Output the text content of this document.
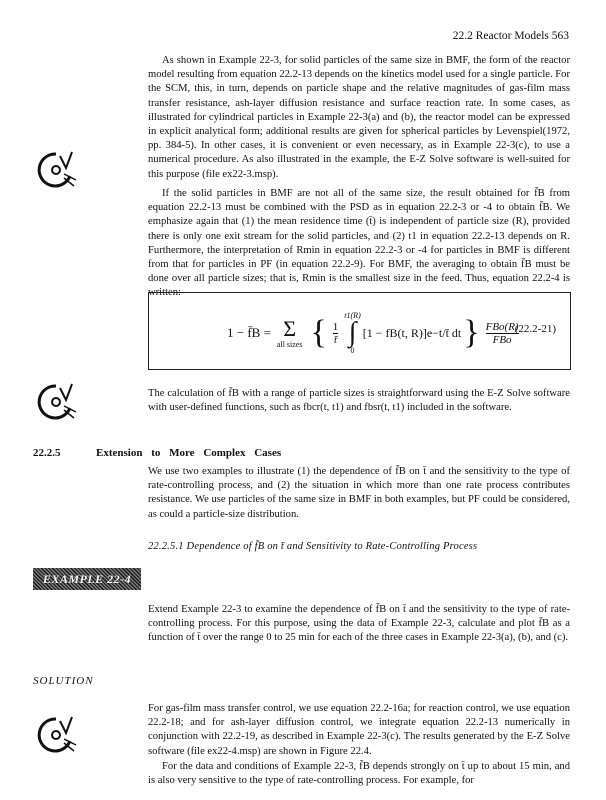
22.2 Reactor Models 563

As shown in Example 22-3, for solid particles of the same size in BMF, the form of the reactor model resulting from equation 22.2-13 depends on the kinetics model used for a single particle. For the SCM, this, in turn, depends on particle shape and the relative magnitudes of gas-film mass transfer resistance, ash-layer diffusion resistance and surface reaction rate. In some cases, as illustrated for cylindrical particles in Example 22-3(a) and (b), the reactor model can be expressed in explicit analytical form; additional results are given for spherical particles by Levenspiel(1972, pp. 384-5). In other cases, it is convenient or even necessary, as in Example 22-3(c), to use a numerical procedure. As also illustrated in the example, the E-Z Solve software is well-suited for this purpose (file ex22-3.msp).

If the solid particles in BMF are not all of the same size, the result obtained for f̄B from equation 22.2-13 must be combined with the PSD as in equation 22.2-3 or -4 to obtain f̄B. We emphasize again that (1) the mean residence time (t̄) is independent of particle size (R), provided there is only one exit stream for the solid particles, and (2) t1 in equation 22.2-13 depends on R. Furthermore, the interpretation of Rmin in equation 22.2-3 or -4 for particles in BMF is different from that for particles in PF (in equation 22.2-9). For BMF, the averaging to obtain f̄B must be done over all particle sizes; that is, Rmin is the smallest size in the feed. Thus, equation 22.2-4 is written:

1 − f̄B = Σ
all sizes { $\frac{1}{t̄}$
t1(R)
∫
0
[1 − fB(t, R)]e−t/t̄ dt } $\frac{\text{FBo(R)}}{\text{FBo}}$
(22.2-21)

The calculation of f̄B with a range of particle sizes is straightforward using the E-Z Solve software with user-defined functions, such as fbcr(t, t1) and fbsr(t, t1) included in the software.

22.2.5	Extension to More Complex Cases

We use two examples to illustrate (1) the dependence of f̄B on t̄ and the sensitivity to the type of rate-controlling process, and (2) the situation in which more than one rate process contributes resistance. We use particles of the same size in BMF in both examples, but PF could be considered, as could a particle-size distribution.

22.2.5.1 Dependence of f̄B on t̄ and Sensitivity to Rate-Controlling Process
EXAMPLE 22-4

Extend Example 22-3 to examine the dependence of f̄B on t̄ and the sensitivity to the type of rate-controlling process. For this purpose, using the data of Example 22-3, calculate and plot f̄B as a function of t̄ over the range 0 to 25 min for each of the three cases in Example 22-3(a), (b), and (c).

SOLUTION

For gas-film mass transfer control, we use equation 22.2-16a; for reaction control, we use equation 22.2-18; and for ash-layer diffusion control, we integrate equation 22.2-13 numerically in conjunction with 22.2-19, as described in Example 22-3(c). The results generated by the E-Z Solve software (file ex22-4.msp) are shown in Figure 22.4.

For the data and conditions of Example 22-3, f̄B depends strongly on t̄ up to about 15 min, and is also very sensitive to the type of rate-controlling process. For example, for
